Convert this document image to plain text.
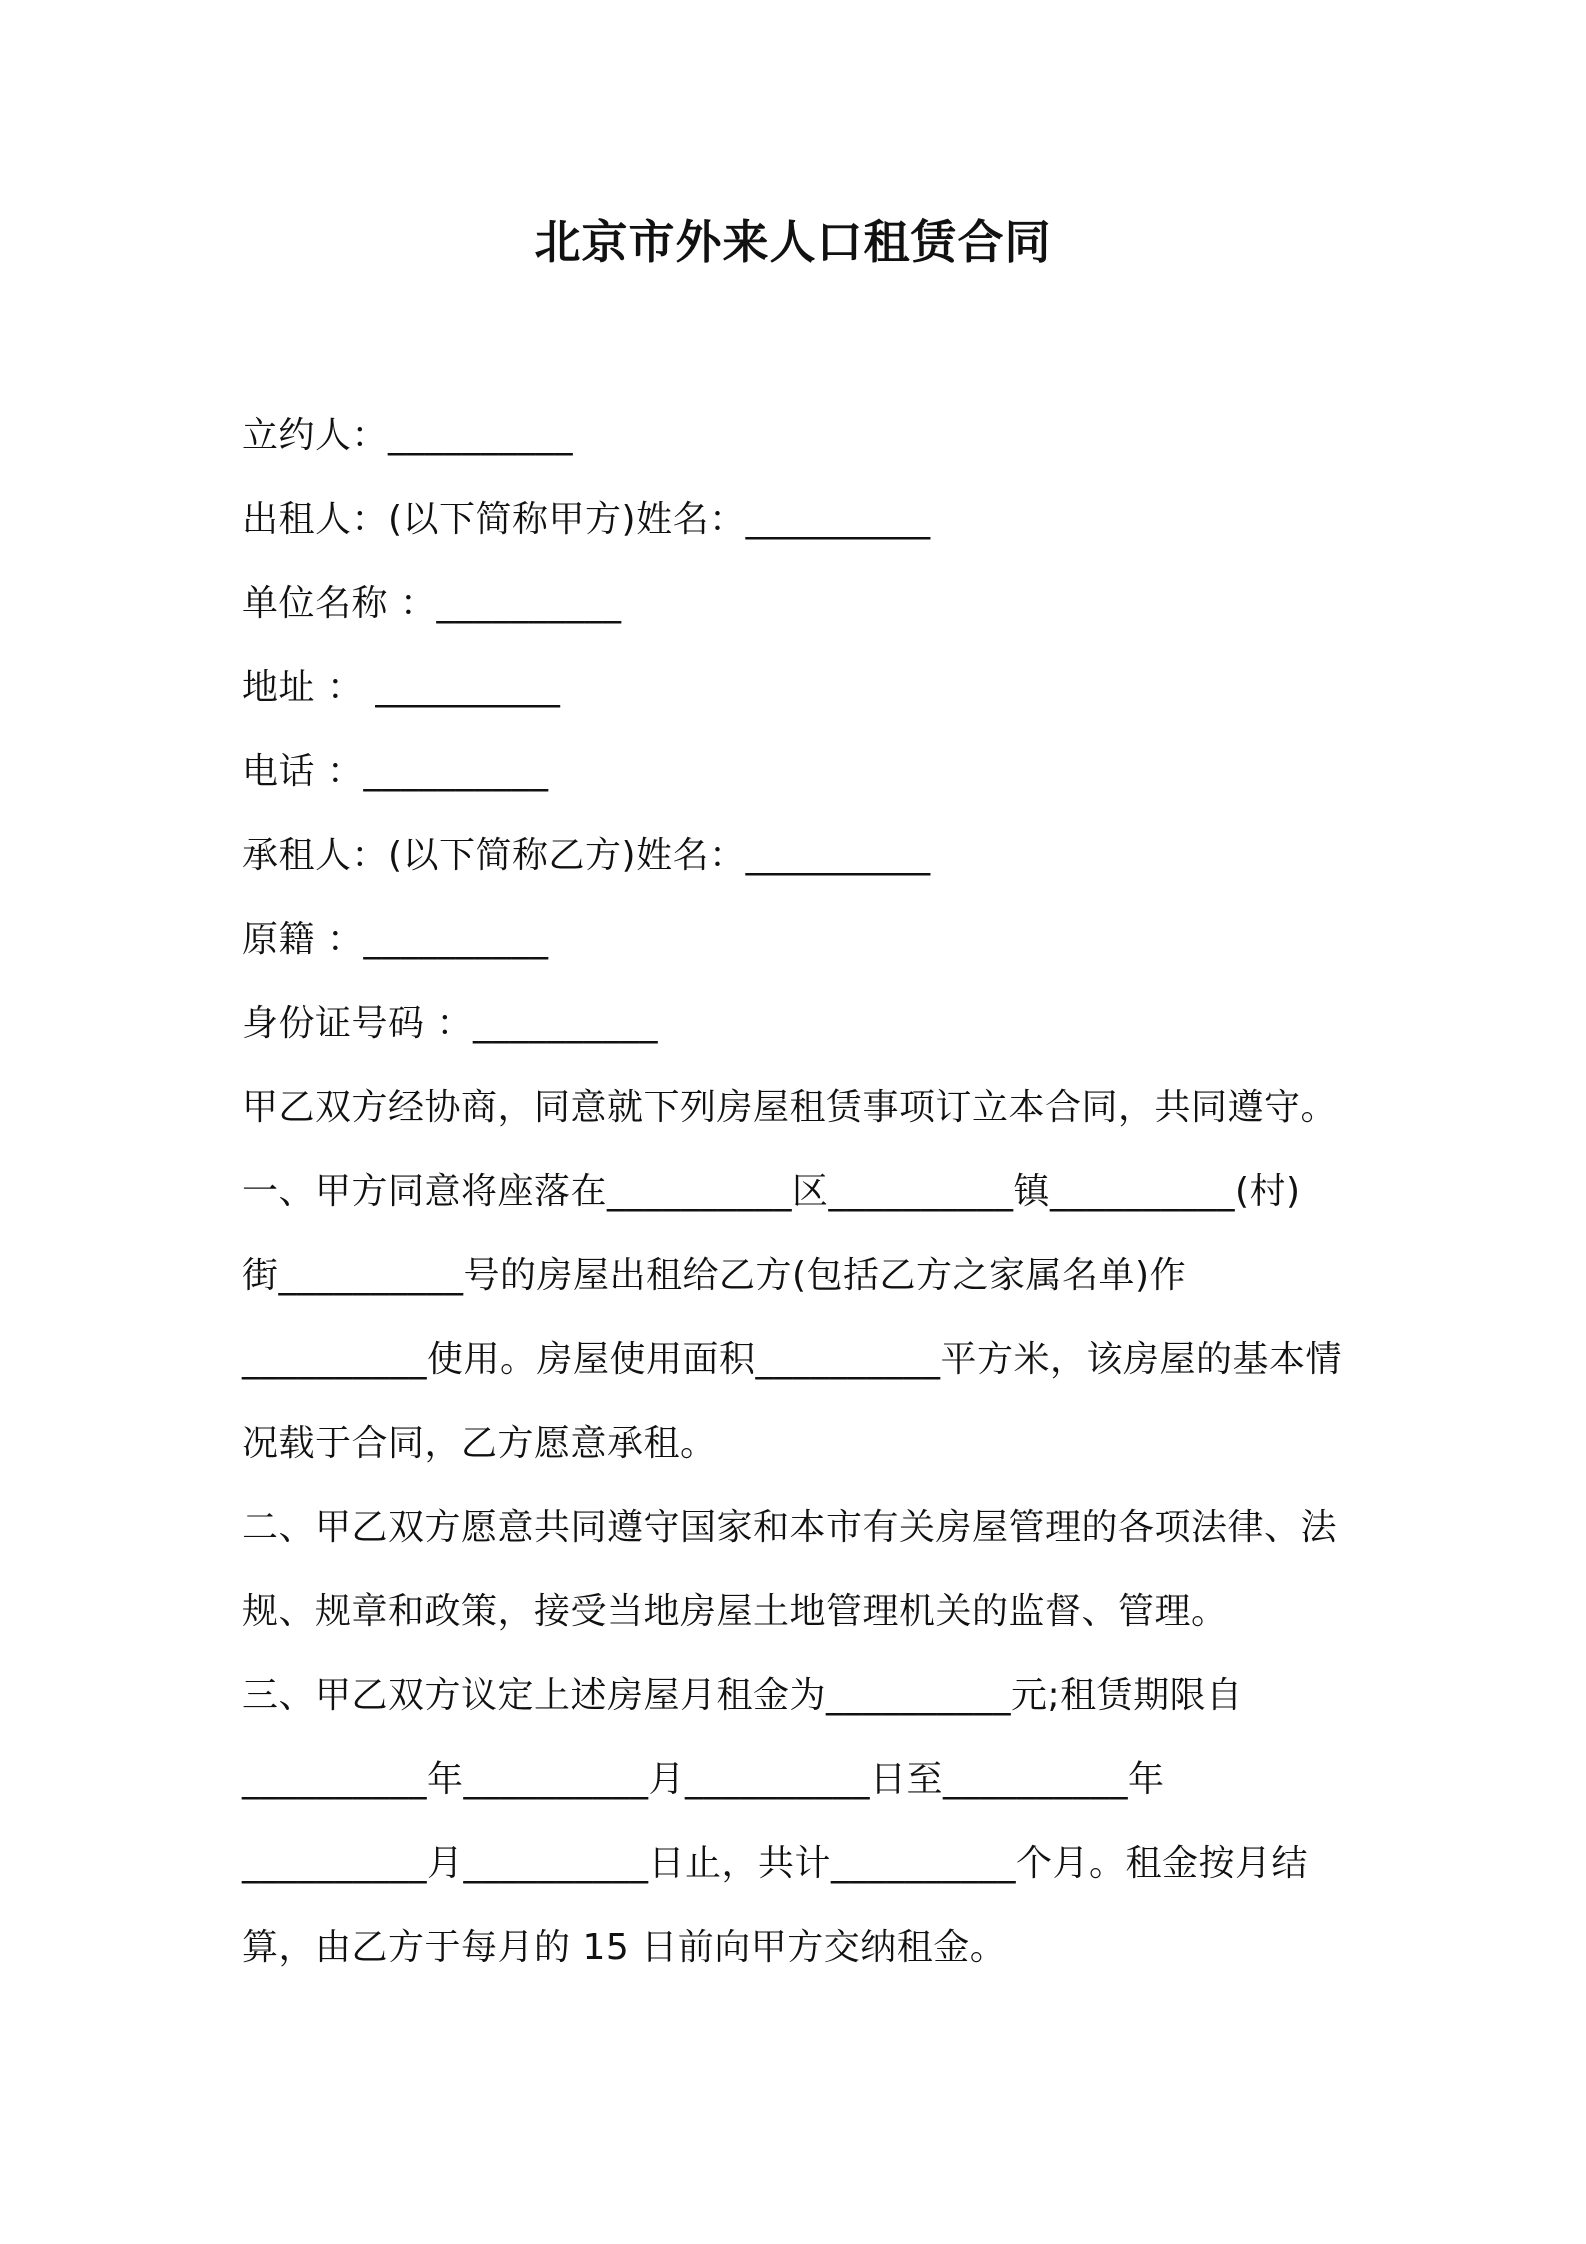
北京市外来人口租赁合同
立约人：__________
出租人：(以下简称甲方)姓名：__________
单位名称 ：__________
地址 ： __________
电话 ：__________
承租人：(以下简称乙方)姓名：__________
原籍 ：__________
身份证号码 ：__________
甲乙双方经协商，同意就下列房屋租赁事项订立本合同，共同遵守。
一、甲方同意将座落在__________区__________镇__________(村)
街__________号的房屋出租给乙方(包括乙方之家属名单)作
__________使用。房屋使用面积__________平方米，该房屋的基本情
况载于合同，乙方愿意承租。
二、甲乙双方愿意共同遵守国家和本市有关房屋管理的各项法律、法
规、规章和政策，接受当地房屋土地管理机关的监督、管理。
三、甲乙双方议定上述房屋月租金为__________元;租赁期限自
__________年__________月__________日至__________年
__________月__________日止，共计__________个月。租金按月结
算，由乙方于每月的 15 日前向甲方交纳租金。
